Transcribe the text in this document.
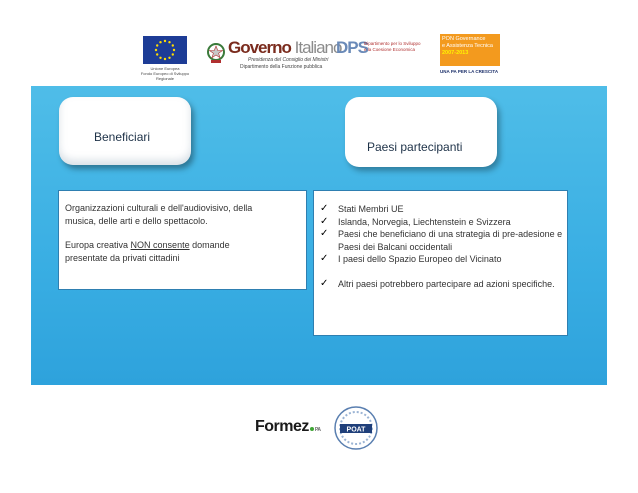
Unione Europea
Fondo Europeo di Sviluppo Regionale
Governo Italiano
Presidenza del Consiglio dei Ministri
Dipartimento della Funzione pubblica
DPS
Dipartimento per lo Sviluppo
e la Coesione Economica
PON Governance
e Assistenza Tecnica
2007-2013
UNA PA PER LA CRESCITA
Beneficiari
Paesi partecipanti
Organizzazioni culturali e dell'audiovisivo, della
musica, delle arti e dello spettacolo.
Europa creativa NON consente domande
presentate da privati cittadini
✓ Stati Membri UE
✓ Islanda, Norvegia, Liechtenstein e Svizzera
✓ Paesi che beneficiano di una strategia di pre-adesione e Paesi dei Balcani occidentali
✓ I paesi dello Spazio Europeo del Vicinato
✓ Altri paesi potrebbero partecipare ad azioni specifiche.
Formez PA	POAT
